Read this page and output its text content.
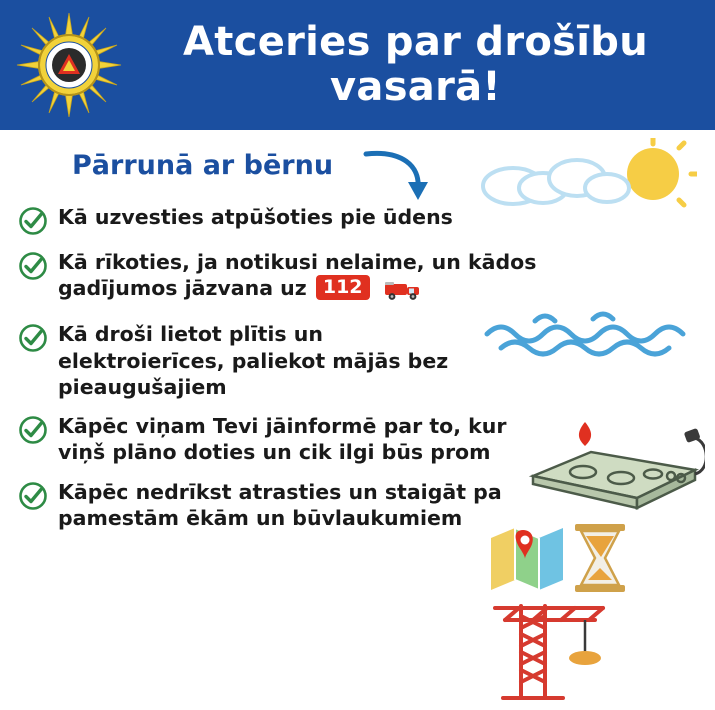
Atceries par drošību vasarā!
Pārrunā ar bērnu
Kā uzvesties atpūšoties pie ūdens
Kā rīkoties, ja notikusi nelaime, un kādos gadījumos jāzvana uz 112
Kā droši lietot plītis un elektroierīces, paliekot mājās bez pieaugušajiem
Kāpēc viņam Tevi jāinformē par to, kur viņš plāno doties un cik ilgi būs prom
Kāpēc nedrīkst atrasties un staigāt pa pamestām ēkām un būvlaukumiem
